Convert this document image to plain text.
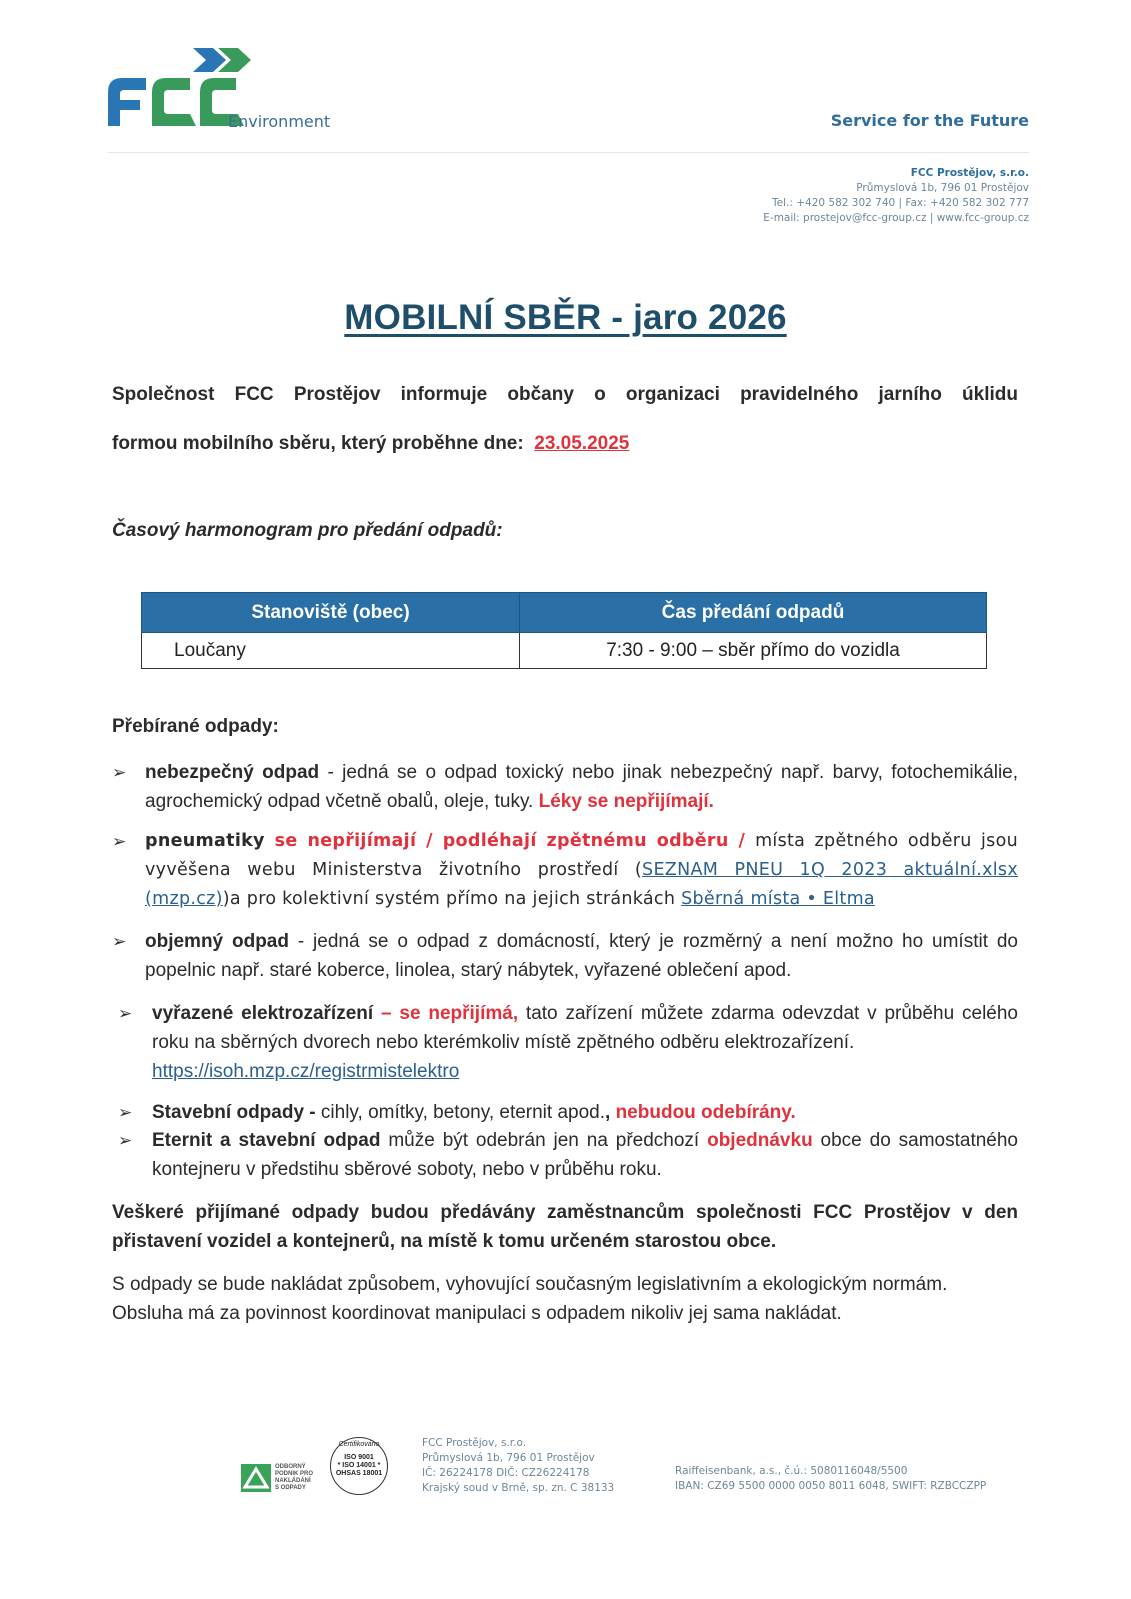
Environment	Service for the Future
FCC Prostějov, s.r.o.
Průmyslová 1b, 796 01 Prostějov
Tel.: +420 582 302 740 | Fax: +420 582 302 777
E-mail: prostejov@fcc-group.cz | www.fcc-group.cz
MOBILNÍ SBĚR - jaro 2026
Společnost FCC Prostějov informuje občany o organizaci pravidelného jarního úklidu
formou mobilního sběru, který proběhne dne: 23.05.2025
Časový harmonogram pro předání odpadů:
Stanoviště (obec)	Čas předání odpadů
Loučany	7:30 - 9:00 – sběr přímo do vozidla
Přebírané odpady:
➢ nebezpečný odpad - jedná se o odpad toxický nebo jinak nebezpečný např. barvy, fotochemikálie, agrochemický odpad včetně obalů, oleje, tuky. Léky se nepřijímají.
➢ pneumatiky se nepřijímají / podléhají zpětnému odběru / místa zpětného odběru jsou vyvěšena webu Ministerstva životního prostředí (SEZNAM PNEU 1Q 2023 aktuální.xlsx (mzp.cz))a pro kolektivní systém přímo na jejich stránkách Sběrná místa • Eltma
➢ objemný odpad - jedná se o odpad z domácností, který je rozměrný a není možno ho umístit do popelnic např. staré koberce, linolea, starý nábytek, vyřazené oblečení apod.
➢ vyřazené elektrozařízení – se nepřijímá, tato zařízení můžete zdarma odevzdat v průběhu celého roku na sběrných dvorech nebo kterémkoliv místě zpětného odběru elektrozařízení.
https://isoh.mzp.cz/registrmistelektro
➢ Stavební odpady - cihly, omítky, betony, eternit apod., nebudou odebírány.
➢ Eternit a stavební odpad může být odebrán jen na předchozí objednávku obce do samostatného kontejneru v předstihu sběrové soboty, nebo v průběhu roku.
Veškeré přijímané odpady budou předávány zaměstnancům společnosti FCC Prostějov v den přistavení vozidel a kontejnerů, na místě k tomu určeném starostou obce.
S odpady se bude nakládat způsobem, vyhovující současným legislativním a ekologickým normám. Obsluha má za povinnost koordinovat manipulaci s odpadem nikoliv jej sama nakládat.
ODBORNÝ
PODNIK PRO
NAKLÁDÁNÍ
S ODPADY
Certifikováno
ISO 9001
* ISO 14001 *
OHSAS 18001
FCC Prostějov, s.r.o.
Průmyslová 1b, 796 01 Prostějov
IČ: 26224178 DIČ: CZ26224178
Krajský soud v Brně, sp. zn. C 38133
Raiffeisenbank, a.s., č.ú.: 5080116048/5500
IBAN: CZ69 5500 0000 0050 8011 6048, SWIFT: RZBCCZPP
